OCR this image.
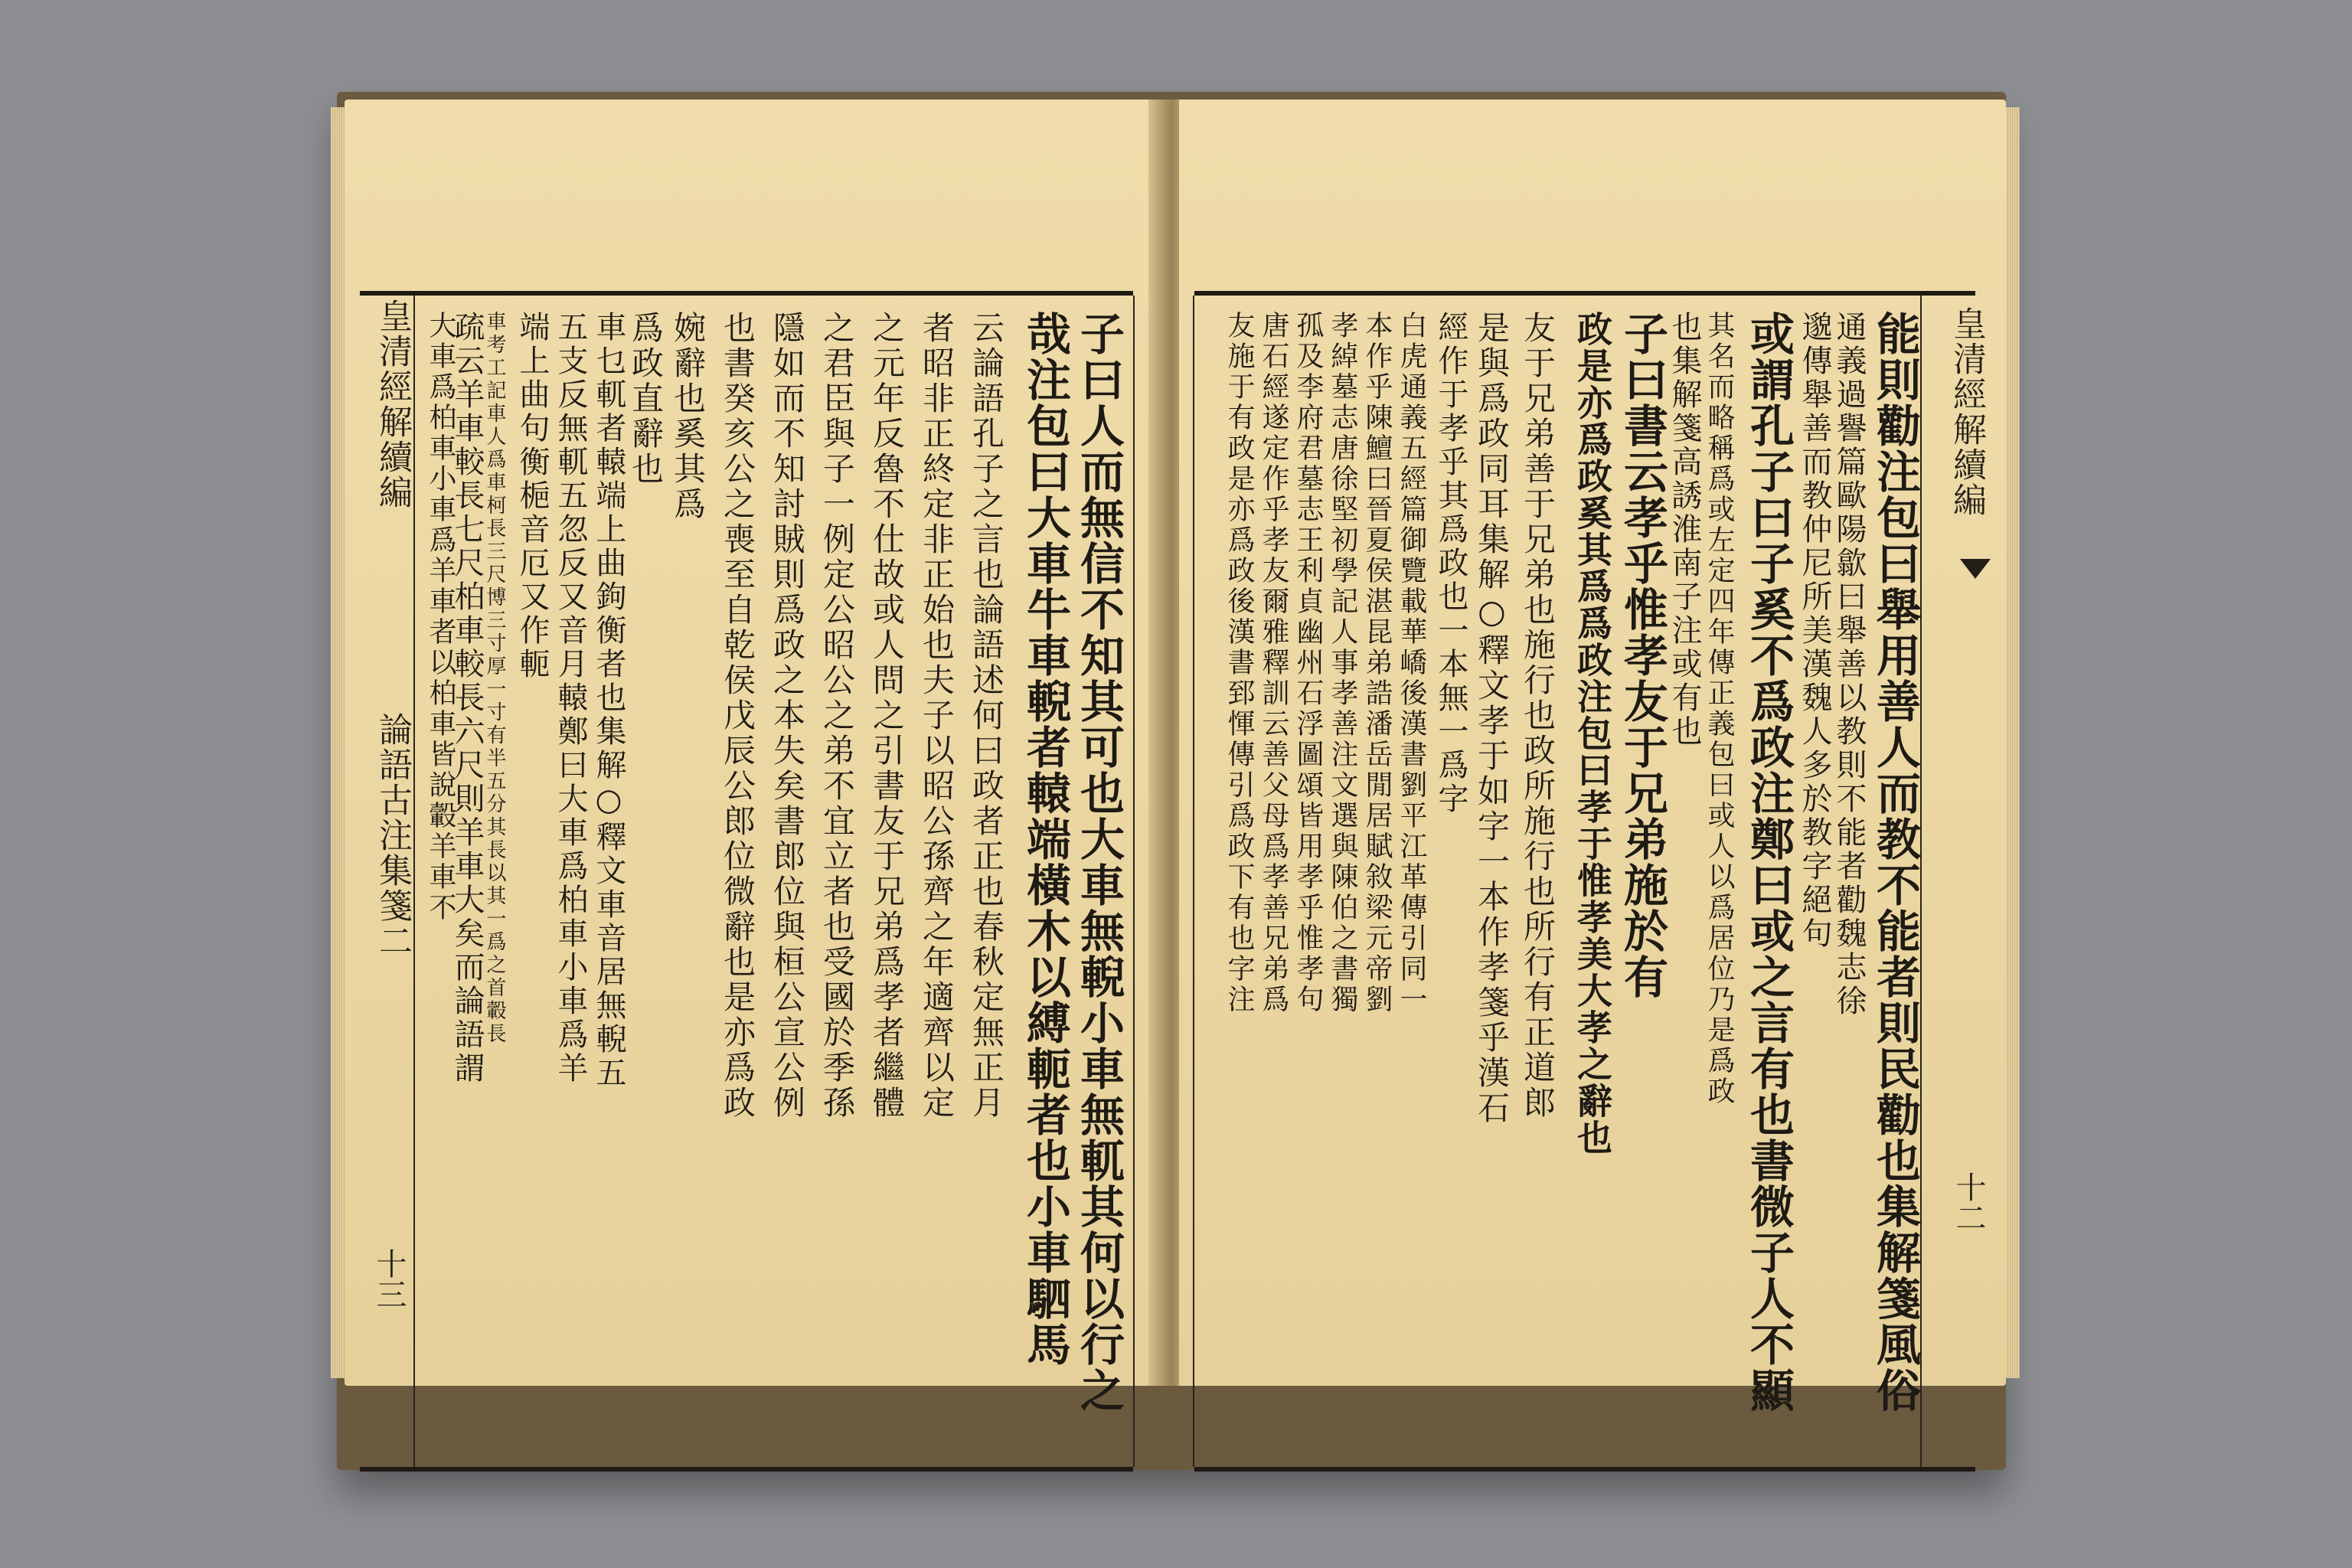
皇清經解續編
論語古注集箋二
十三	子曰人而無信不知其可也大車無輗小車無軏其何以行之
哉注包曰大車牛車輗者轅端橫木以縛軛者也小車駟馬
云論語孔子之言也論語述何曰政者正也春秋定無正月
者昭非正終定非正始也夫子以昭公孫齊之年適齊以定
之元年反魯不仕故或人問之引書友于兄弟爲孝者繼體
之君臣與子一例定公昭公之弟不宜立者也受國於季孫
隱如而不知討賊則爲政之本失矣書郎位與桓公宣公例
也書癸亥公之喪至自乾侯戊辰公郎位微辭也是亦爲政
婉辭也奚其爲
爲政直辭也
車乜軏者轅端上曲鉤衡者也集解○釋文車音居無輗五
五支反無軏五忽反又音月轅鄭曰大車爲柏車小車爲羊
端上曲句衡梔音厄又作軛
車考工記車人爲車柯長三尺博三寸厚一寸有半五分其長以其一爲之首轂長
疏云羊車較長七尺柏車較長六尺則羊車大矣而論語謂
大車爲柏車小車爲羊車者以柏車皆說轂羊車不	皇清經解續編
十二
能則勸注包曰舉用善人而教不能者則民勸也集解箋風俗
通義過譽篇歐陽歙曰舉善以教則不能者勸魏志徐
邈傳舉善而教仲尼所美漢魏人多於教字絕句
或謂孔子曰子奚不爲政注鄭曰或之言有也書微子人不顯
其名而略稱爲或左定四年傳正義包曰或人以爲居位乃是爲政
也集解箋高誘淮南子注或有也
子曰書云孝乎惟孝友于兄弟施於有
政是亦爲政奚其爲爲政注包曰孝于惟孝美大孝之辭也
友于兄弟善于兄弟也施行也政所施行也所行有正道郎
是與爲政同耳集解○釋文孝于如字一本作孝箋乎漢石
經作于孝乎其爲政也一本無一爲字
白虎通義五經篇御覽載華嶠後漢書劉平江革傳引同一
本作乎陳鱣曰晉夏侯湛昆弟誥潘岳閒居賦敘梁元帝劉
孝綽墓志唐徐堅初學記人事孝善注文選與陳伯之書獨
孤及李府君墓志王利貞幽州石浮圖頌皆用孝乎惟孝句
唐石經遂定作乎孝友爾雅釋訓云善父母爲孝善兄弟爲
友施于有政是亦爲政後漢書郅惲傳引爲政下有也字注
